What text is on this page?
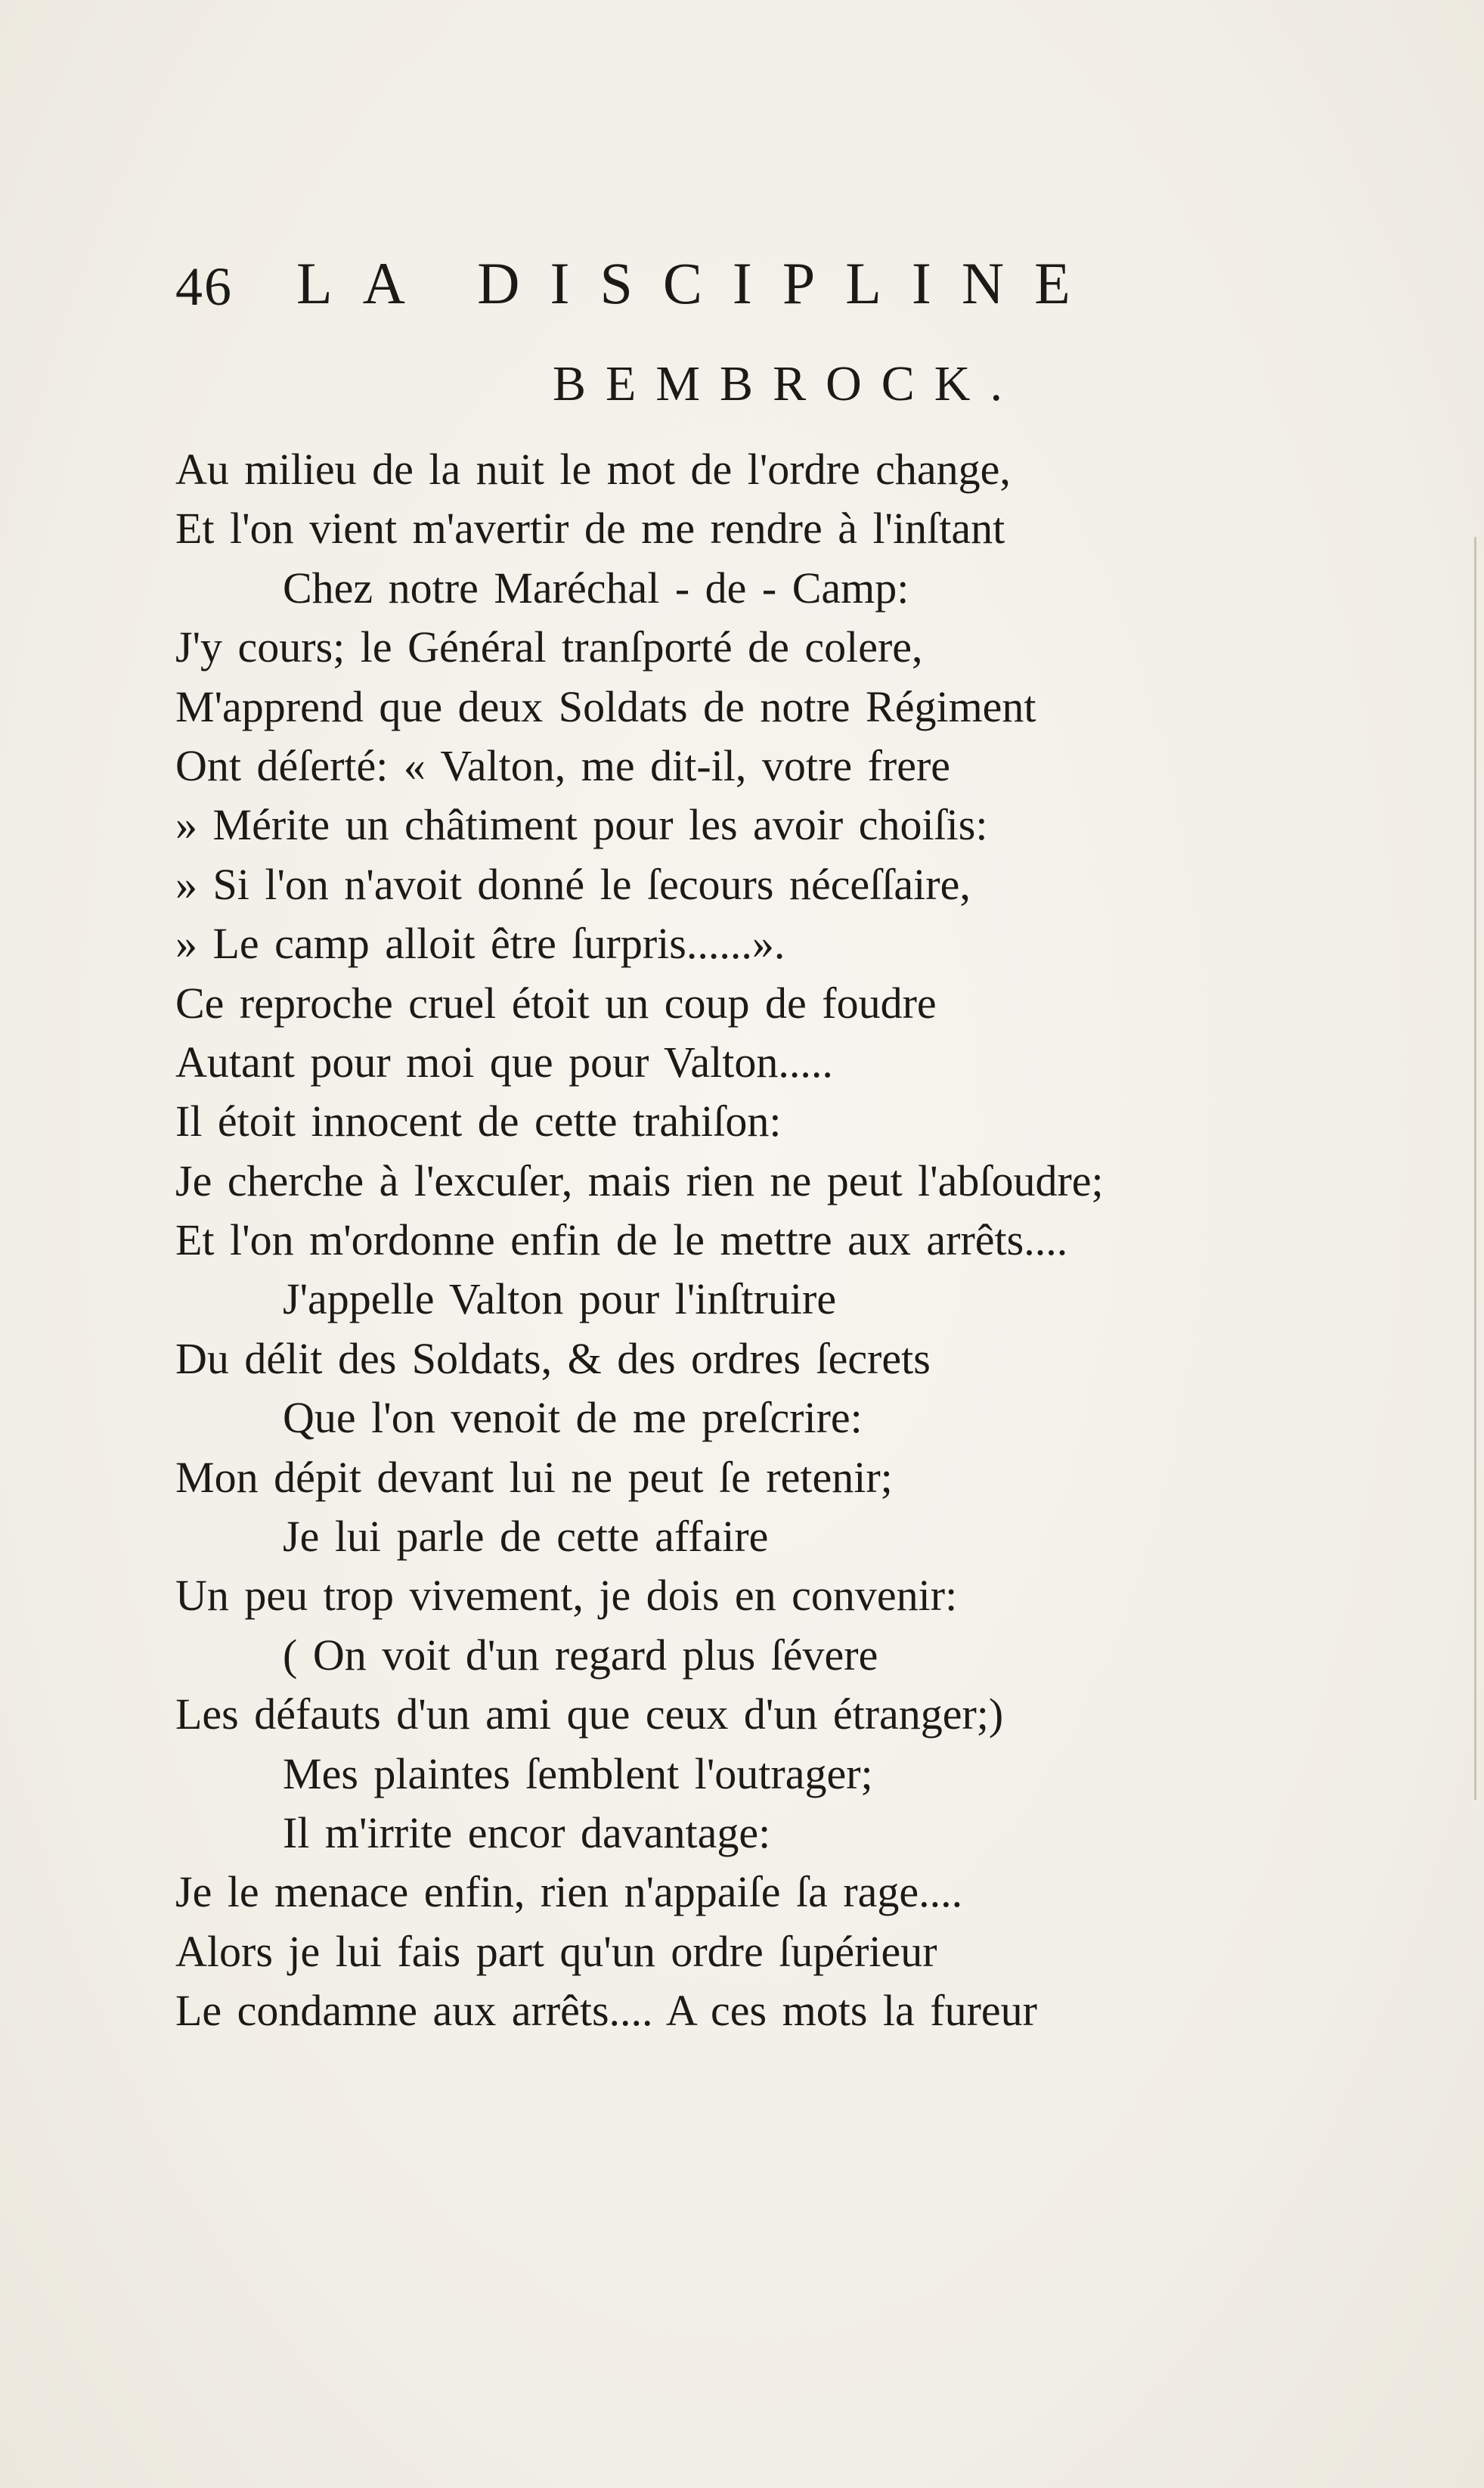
46 LA DISCIPLINE
BEMBROCK.
Au milieu de la nuit le mot de l'ordre change,
Et l'on vient m'avertir de me rendre à l'inſtant
Chez notre Maréchal - de - Camp:
J'y cours; le Général tranſporté de colere,
M'apprend que deux Soldats de notre Régiment
Ont déſerté: « Valton, me dit-il, votre frere
» Mérite un châtiment pour les avoir choiſis:
» Si l'on n'avoit donné le ſecours néceſſaire,
» Le camp alloit être ſurpris......».
Ce reproche cruel étoit un coup de foudre
Autant pour moi que pour Valton.....
Il étoit innocent de cette trahiſon:
Je cherche à l'excuſer, mais rien ne peut l'abſoudre;
Et l'on m'ordonne enfin de le mettre aux arrêts....
J'appelle Valton pour l'inſtruire
Du délit des Soldats, & des ordres ſecrets
Que l'on venoit de me preſcrire:
Mon dépit devant lui ne peut ſe retenir;
Je lui parle de cette affaire
Un peu trop vivement, je dois en convenir:
( On voit d'un regard plus ſévere
Les défauts d'un ami que ceux d'un étranger;)
Mes plaintes ſemblent l'outrager;
Il m'irrite encor davantage:
Je le menace enfin, rien n'appaiſe ſa rage....
Alors je lui fais part qu'un ordre ſupérieur
Le condamne aux arrêts.... A ces mots la fureur
